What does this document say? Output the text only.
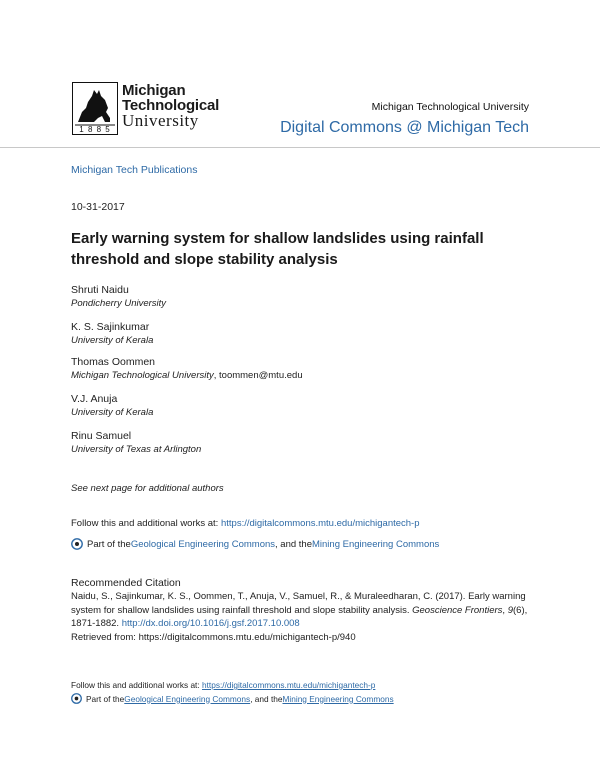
1 8 8 5
Michigan
Technological
University
Michigan Technological University
Digital Commons @ Michigan Tech
Michigan Tech Publications
10-31-2017
Early warning system for shallow landslides using rainfall threshold and slope stability analysis
Shruti Naidu
Pondicherry University
K. S. Sajinkumar
University of Kerala
Thomas Oommen
Michigan Technological University, toommen@mtu.edu
V.J. Anuja
University of Kerala
Rinu Samuel
University of Texas at Arlington
See next page for additional authors
Follow this and additional works at: https://digitalcommons.mtu.edu/michigantech-p
Part of the Geological Engineering Commons , and the Mining Engineering Commons
Recommended Citation
Naidu, S., Sajinkumar, K. S., Oommen, T., Anuja, V., Samuel, R., & Muraleedharan, C. (2017). Early warning system for shallow landslides using rainfall threshold and slope stability analysis. Geoscience Frontiers, 9(6), 1871-1882. http://dx.doi.org/10.1016/j.gsf.2017.10.008
Retrieved from: https://digitalcommons.mtu.edu/michigantech-p/940
Follow this and additional works at: https://digitalcommons.mtu.edu/michigantech-p
Part of the Geological Engineering Commons , and the Mining Engineering Commons
